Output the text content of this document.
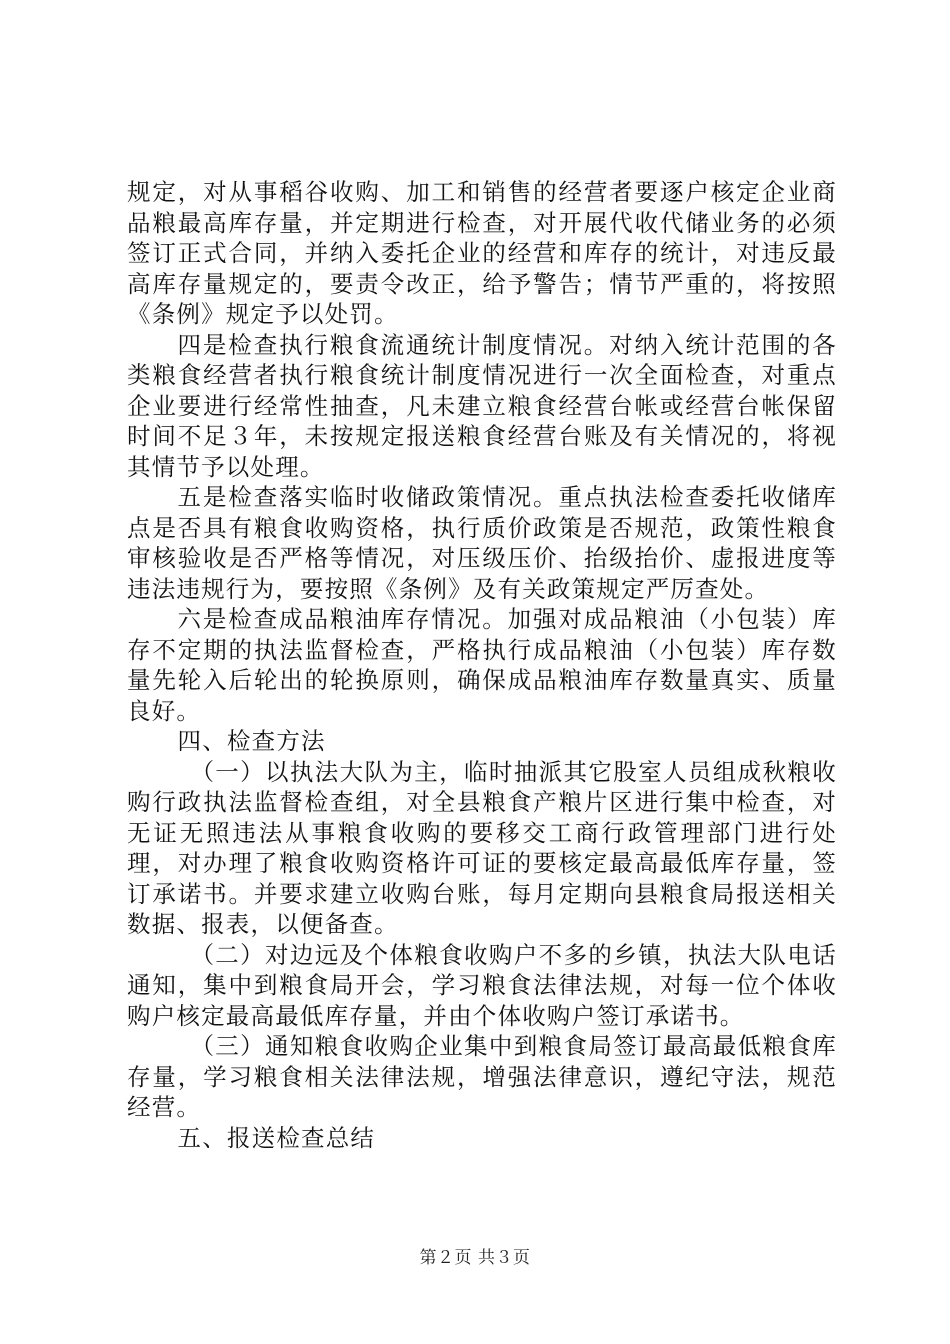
规定，对从事稻谷收购、加工和销售的经营者要逐户核定企业商品粮最高库存量，并定期进行检查，对开展代收代储业务的必须签订正式合同，并纳入委托企业的经营和库存的统计，对违反最高库存量规定的，要责令改正，给予警告；情节严重的，将按照《条例》规定予以处罚。

四是检查执行粮食流通统计制度情况。对纳入统计范围的各类粮食经营者执行粮食统计制度情况进行一次全面检查，对重点企业要进行经常性抽查，凡未建立粮食经营台帐或经营台帐保留时间不足３年，未按规定报送粮食经营台账及有关情况的，将视其情节予以处理。

五是检查落实临时收储政策情况。重点执法检查委托收储库点是否具有粮食收购资格，执行质价政策是否规范，政策性粮食审核验收是否严格等情况，对压级压价、抬级抬价、虚报进度等违法违规行为，要按照《条例》及有关政策规定严厉查处。

六是检查成品粮油库存情况。加强对成品粮油（小包装）库存不定期的执法监督检查，严格执行成品粮油（小包装）库存数量先轮入后轮出的轮换原则，确保成品粮油库存数量真实、质量良好。

四、检查方法

（一）以执法大队为主，临时抽派其它股室人员组成秋粮收购行政执法监督检查组，对全县粮食产粮片区进行集中检查，对无证无照违法从事粮食收购的要移交工商行政管理部门进行处理，对办理了粮食收购资格许可证的要核定最高最低库存量，签订承诺书。并要求建立收购台账，每月定期向县粮食局报送相关数据、报表，以便备查。

（二）对边远及个体粮食收购户不多的乡镇，执法大队电话通知，集中到粮食局开会，学习粮食法律法规，对每一位个体收购户核定最高最低库存量，并由个体收购户签订承诺书。

（三）通知粮食收购企业集中到粮食局签订最高最低粮食库存量，学习粮食相关法律法规，增强法律意识，遵纪守法，规范经营。

五、报送检查总结

第２页 共３页
